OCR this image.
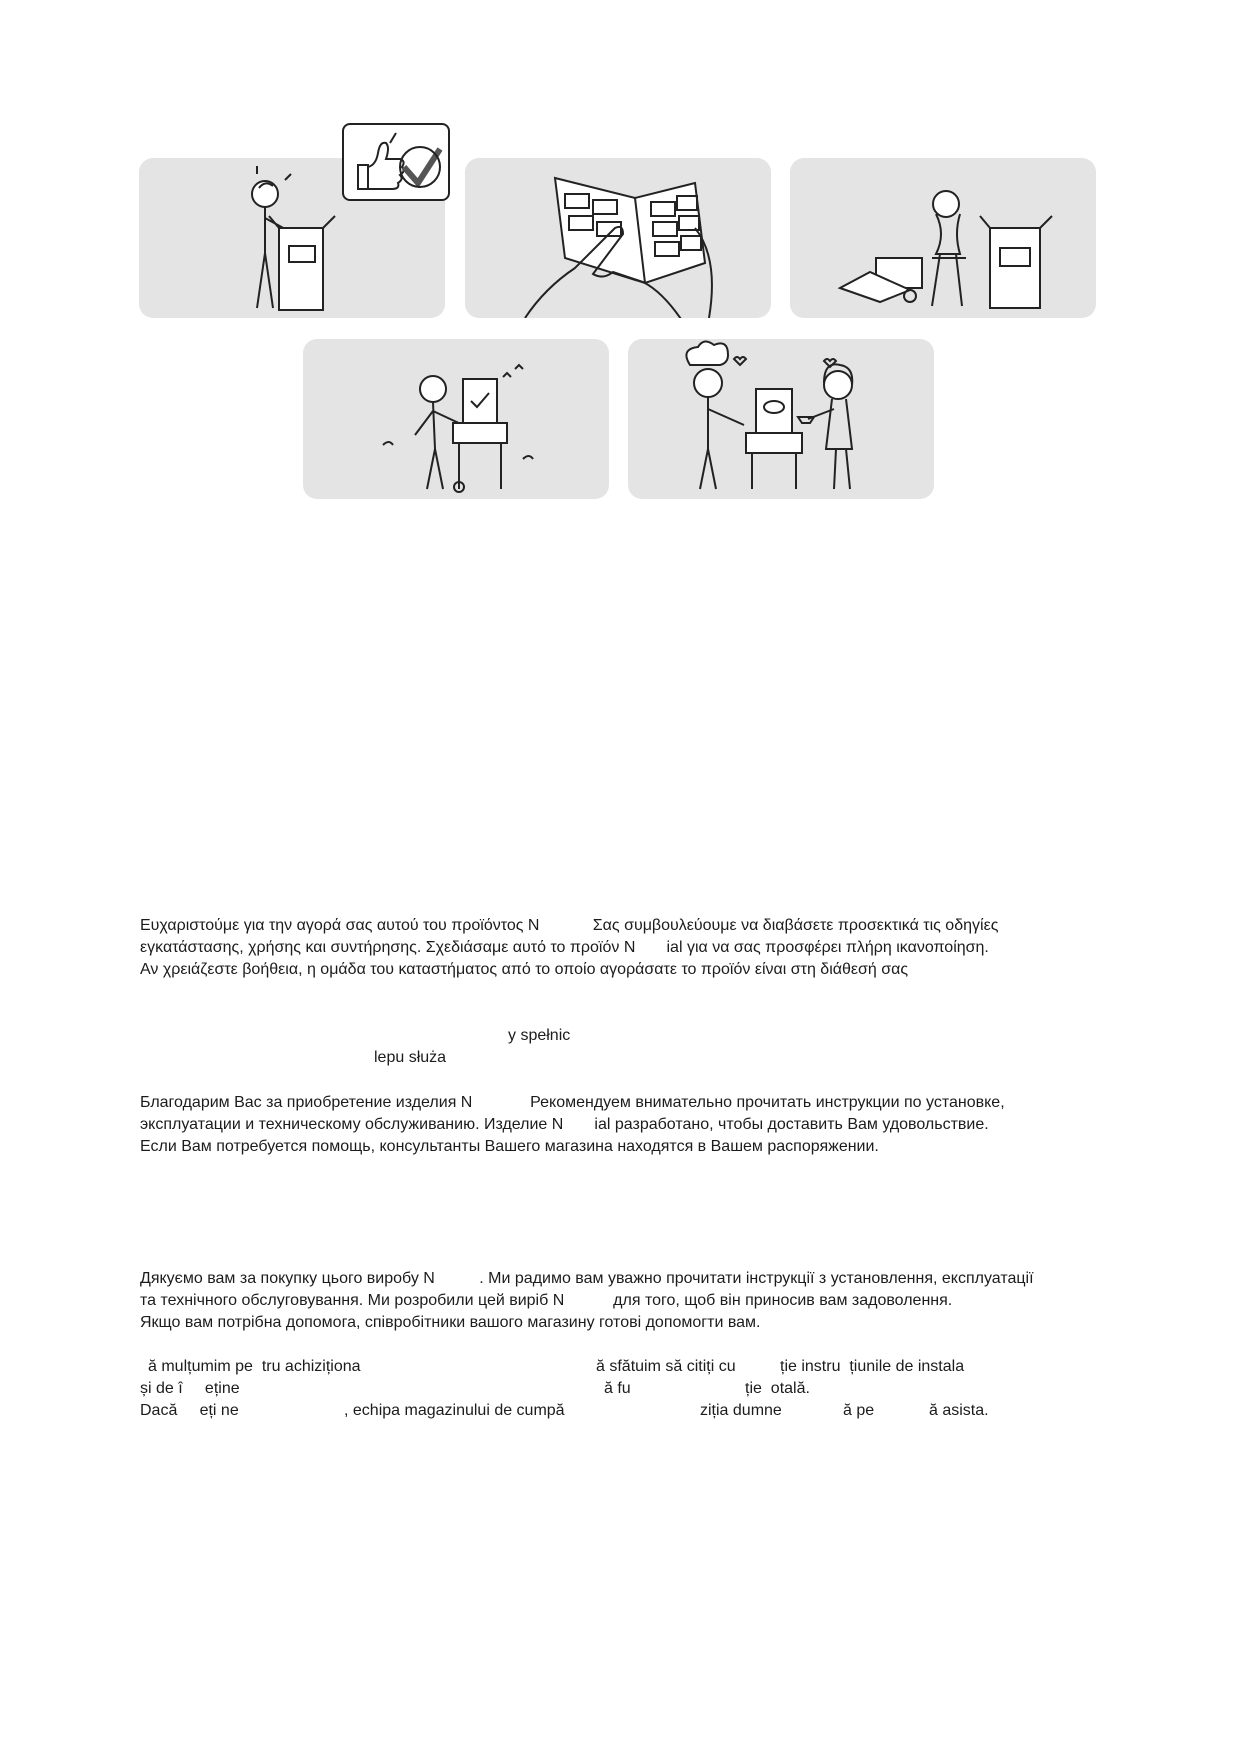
Ευχαριστούμε για την αγορά σας αυτού του προϊόντος N            Σας συμβουλεύουμε να διαβάσετε προσεκτικά τις οδηγίες
εγκατάστασης, χρήσης και συντήρησης. Σχεδιάσαμε αυτό το προϊόν N       ial για να σας προσφέρει πλήρη ικανοποίηση.
Αν χρειάζεστε βοήθεια, η ομάδα του καταστήματος από το οποίο αγοράσατε το προϊόν είναι στη διάθεσή σας
y spełnic
lepu służa
Благодарим Вас за приобретение изделия N             Рекомендуем внимательно прочитать инструкции по установке,
эксплуатации и техническому обслуживанию. Изделие N       ial разработано, чтобы доставить Вам удовольствие.
Если Вам потребуется помощь, консультанты Вашего магазина находятся в Вашем распоряжении.
Дякуємо вам за покупку цього виробу N          . Ми радимо вам уважно прочитати інструкції з установлення, експлуатації
та технічного обслуговування. Ми розробили цей виріб N           для того, щоб він приносив вам задоволення.
Якщо вам потрібна допомога, співробітники вашого магазину готові допомогти вам.
ă mulțumim pe  tru achiziționa	ă sfătuim să citiți cu	ție instru  țiunile de instala
și de î     eține	ă fu	ție  otală.
Dacă     eți ne	, echipa magazinului de cumpă	ziția dumne	ă pe	ă asista.
